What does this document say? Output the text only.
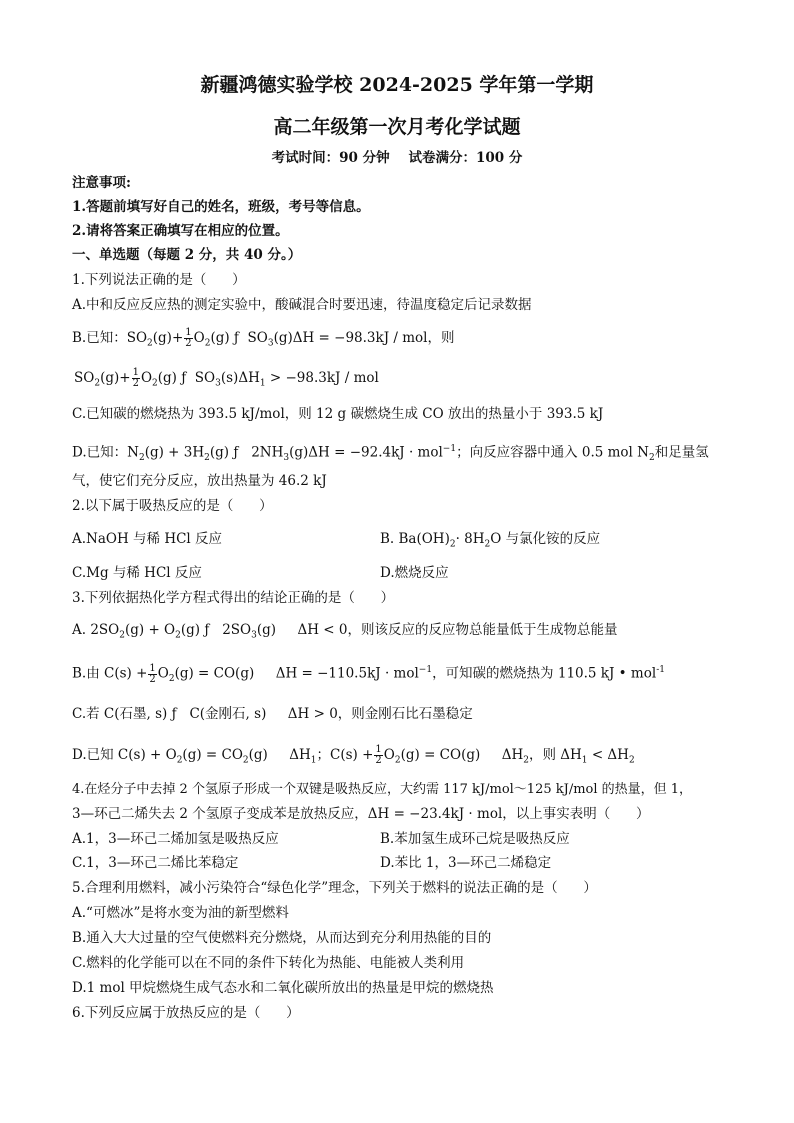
新疆鸿德实验学校 2024-2025 学年第一学期
高二年级第一次月考化学试题
考试时间：90 分钟    试卷满分：100 分
注意事项:
1.答题前填写好自己的姓名，班级，考号等信息。
2.请将答案正确填写在相应的位置。
一、单选题（每题 2 分，共 40 分。）
1.下列说法正确的是（      ）
A.中和反应反应热的测定实验中，酸碱混合时要迅速，待温度稳定后记录数据
B.已知：$SO_2(g)+ \frac{1}{2} O_2(g)$ ƒ  $SO_3(g)\Delta H = -98.3kJ$ / mol，则
$SO_2(g)+ \frac{1}{2} O_2(g)$ ƒ  $SO_3(s)\Delta H_1 > -98.3kJ$ / mol
C.已知碳的燃烧热为 393.5 kJ/mol，则 12 g 碳燃烧生成 CO 放出的热量小于 393.5 kJ
D.已知：$N_2(g) + 3H_2(g)$ ƒ   $2NH_3(g)\Delta H = -92.4kJ \cdot mol^{-1}$；向反应容器中通入 0.5 mol $N_2$和足量氢
气，使它们充分反应，放出热量为 46.2 kJ
2.以下属于吸热反应的是（      ）
A.NaOH 与稀 HCl 反应	B. $Ba(OH)_2\cdot 8H_2O$ 与氯化铵的反应
C.Mg 与稀 HCl 反应	D.燃烧反应
3.下列依据热化学方程式得出的结论正确的是（      ）
A. $2SO_2(g) + O_2(g)$ ƒ   $2SO_3(g)$     ΔH < 0，则该反应的反应物总能量低于生成物总能量
B.由 $C(s) + \frac{1}{2} O_2(g) = CO(g)$     ΔH = −110.5kJ · mol$^{-1}$，可知碳的燃烧热为 110.5 kJ • mol$^{-1}$
C.若 C(石墨, s) ƒ   C(金刚石, s)     ΔH > 0，则金刚石比石墨稳定
D.已知 $C(s) + O_2(g) = CO_2(g)$     $\Delta H_1$；$C(s) + \frac{1}{2} O_2(g) = CO(g)$     $\Delta H_2$，则 $\Delta H_1 < \Delta H_2$
4.在烃分子中去掉 2 个氢原子形成一个双键是吸热反应，大约需 117 kJ/mol～125 kJ/mol 的热量，但 1，
3—环己二烯失去 2 个氢原子变成苯是放热反应，ΔH = −23.4kJ · mol，以上事实表明（      ）
A.1，3—环己二烯加氢是吸热反应	B.苯加氢生成环己烷是吸热反应
C.1，3—环己二烯比苯稳定	D.苯比 1，3—环己二烯稳定
5.合理利用燃料，减小污染符合“绿色化学”理念，下列关于燃料的说法正确的是（      ）
A.“可燃冰”是将水变为油的新型燃料
B.通入大大过量的空气使燃料充分燃烧，从而达到充分利用热能的目的
C.燃料的化学能可以在不同的条件下转化为热能、电能被人类利用
D.1 mol 甲烷燃烧生成气态水和二氧化碳所放出的热量是甲烷的燃烧热
6.下列反应属于放热反应的是（      ）
